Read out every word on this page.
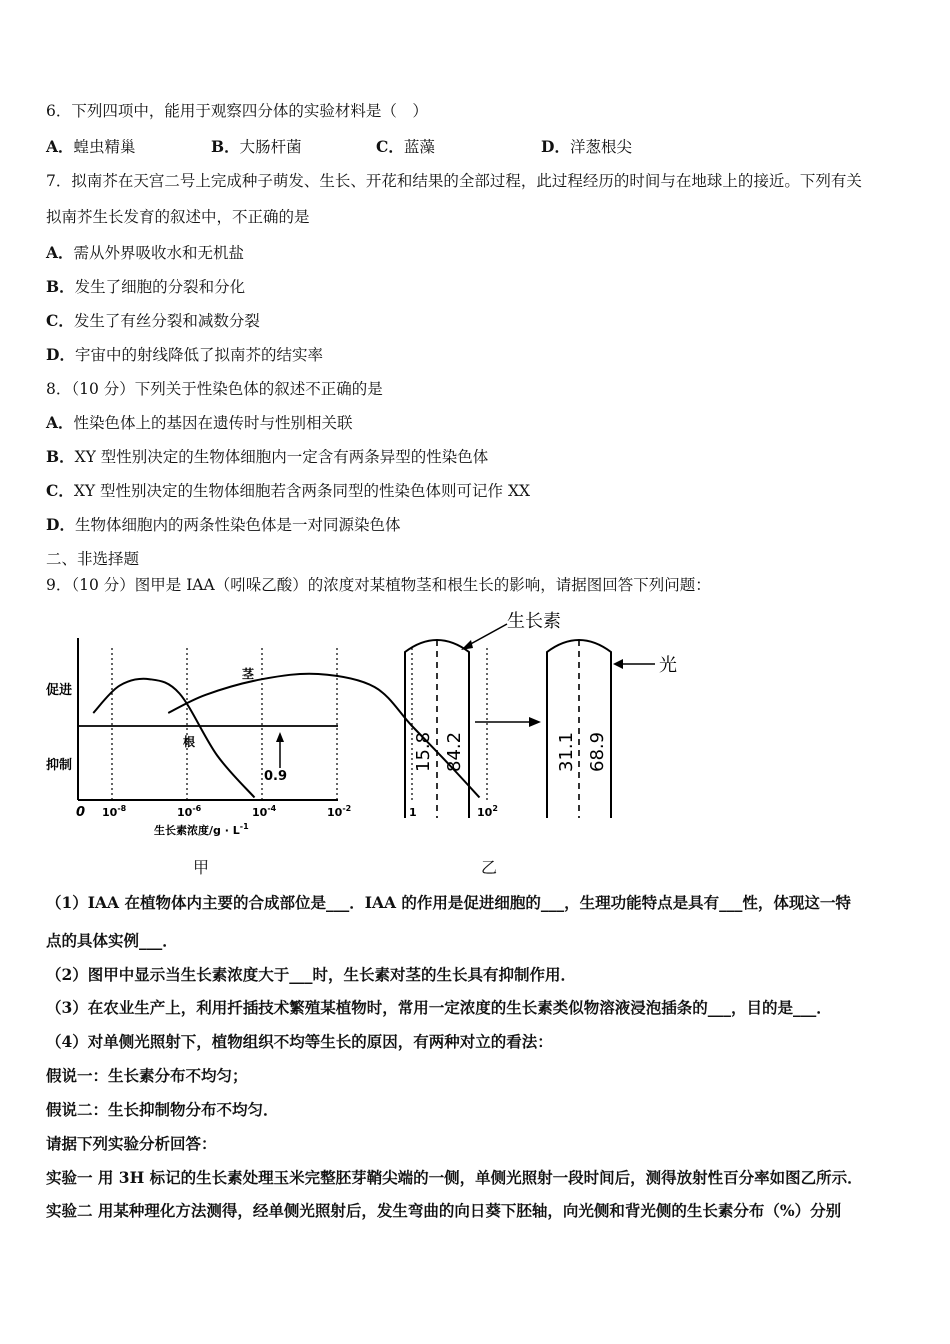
6．下列四项中，能用于观察四分体的实验材料是（　）
A．蝗虫精巢	B．大肠杆菌	C．蓝藻	D．洋葱根尖
7．拟南芥在天宫二号上完成种子萌发、生长、开花和结果的全部过程，此过程经历的时间与在地球上的接近。下列有关
拟南芥生长发育的叙述中，不正确的是
A．需从外界吸收水和无机盐
B．发生了细胞的分裂和分化
C．发生了有丝分裂和减数分裂
D．宇宙中的射线降低了拟南芥的结实率
8．（10 分）下列关于性染色体的叙述不正确的是
A．性染色体上的基因在遗传时与性别相关联
B．XY 型性别决定的生物体细胞内一定含有两条异型的性染色体
C．XY 型性别决定的生物体细胞若含两条同型的性染色体则可记作 XX
D．生物体细胞内的两条性染色体是一对同源染色体
二、非选择题
9．（10 分）图甲是 IAA（吲哚乙酸）的浓度对某植物茎和根生长的影响，请据图回答下列问题：
0.9
促进
抑制
茎
根
0 $10^{-8}$	$10^{-6}$	$10^{-4}$	$10^{-2}$	1	$10^2$
生长素浓度$/g \cdot L^{-1}$
甲
生长素
15.8 84.2	31.1 68.9
光
乙
（1）IAA 在植物体内主要的合成部位是___．IAA 的作用是促进细胞的___，生理功能特点是具有___性，体现这一特
点的具体实例___．
（2）图甲中显示当生长素浓度大于___时，生长素对茎的生长具有抑制作用．
（3）在农业生产上，利用扦插技术繁殖某植物时，常用一定浓度的生长素类似物溶液浸泡插条的___，目的是___．
（4）对单侧光照射下，植物组织不均等生长的原因，有两种对立的看法：
假说一：生长素分布不均匀；
假说二：生长抑制物分布不均匀．
请据下列实验分析回答：
实验一 用 3H 标记的生长素处理玉米完整胚芽鞘尖端的一侧，单侧光照射一段时间后，测得放射性百分率如图乙所示．
实验二 用某种理化方法测得，经单侧光照射后，发生弯曲的向日葵下胚轴，向光侧和背光侧的生长素分布（%）分别
